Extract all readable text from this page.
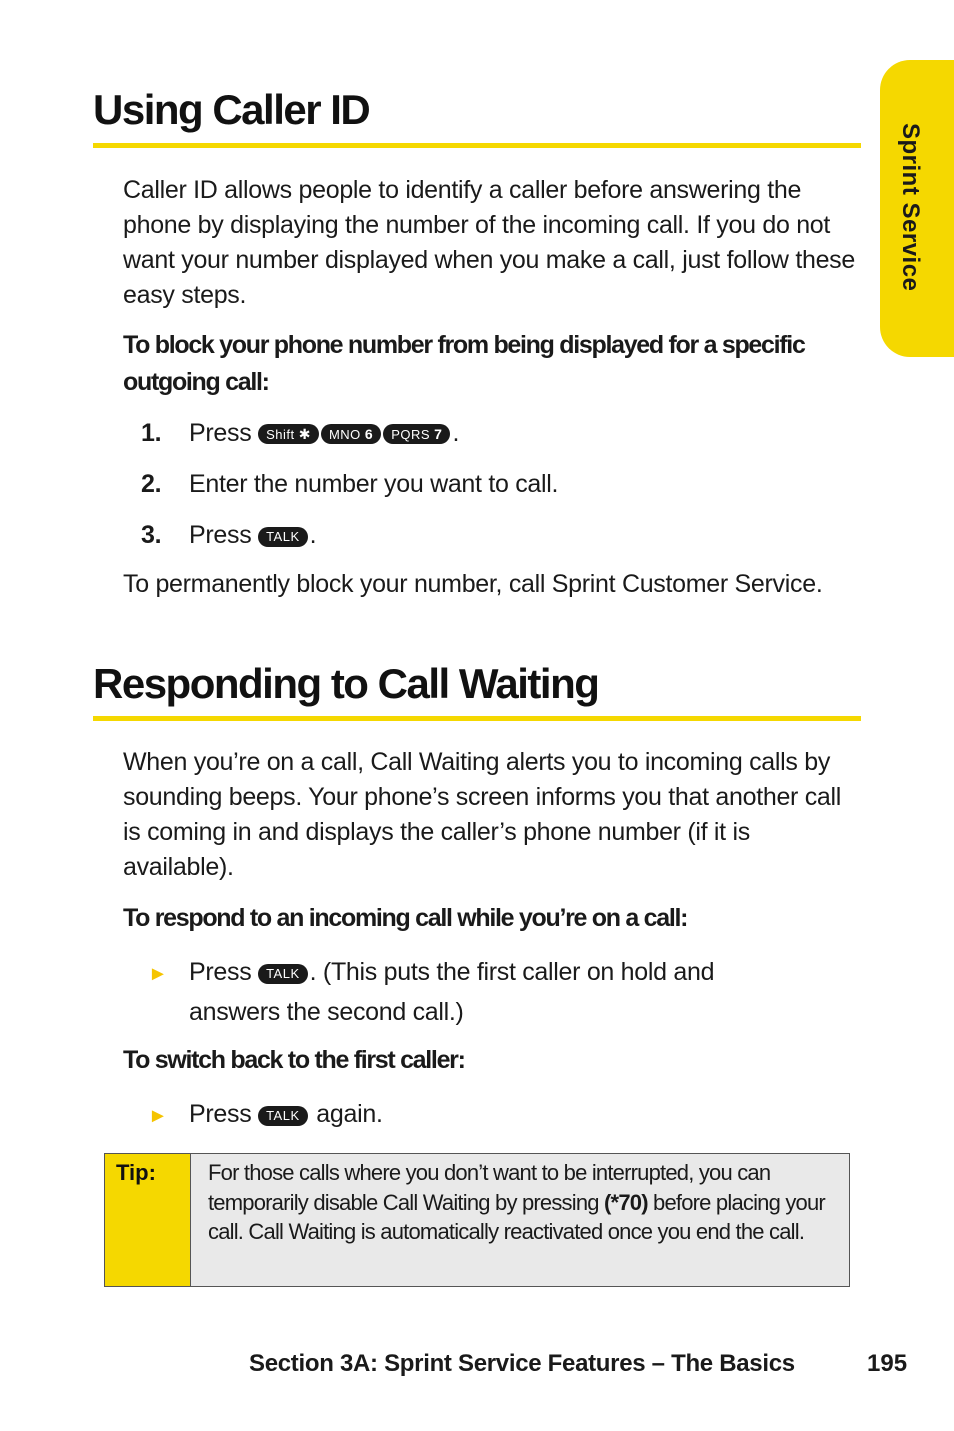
Sprint Service
Using Caller ID

Caller ID allows people to identify a caller before answering the phone by displaying the number of the incoming call. If you do not want your number displayed when you make a call, just follow these easy steps.

To block your phone number from being displayed for a specific outgoing call:

1. Press Shift ✱ MNO 6 PQRS 7 .
2. Enter the number you want to call.
3. Press TALK .

To permanently block your number, call Sprint Customer Service.

Responding to Call Waiting

When you’re on a call, Call Waiting alerts you to incoming calls by sounding beeps. Your phone’s screen informs you that another call is coming in and displays the caller’s phone number (if it is available).

To respond to an incoming call while you’re on a call:

► Press TALK . (This puts the first caller on hold and
answers the second call.)

To switch back to the first caller:

► Press TALK again.
Tip: For those calls where you don’t want to be interrupted, you can temporarily disable Call Waiting by pressing (*70) before placing your call. Call Waiting is automatically reactivated once you end the call.
Section 3A: Sprint Service Features – The Basics	195
